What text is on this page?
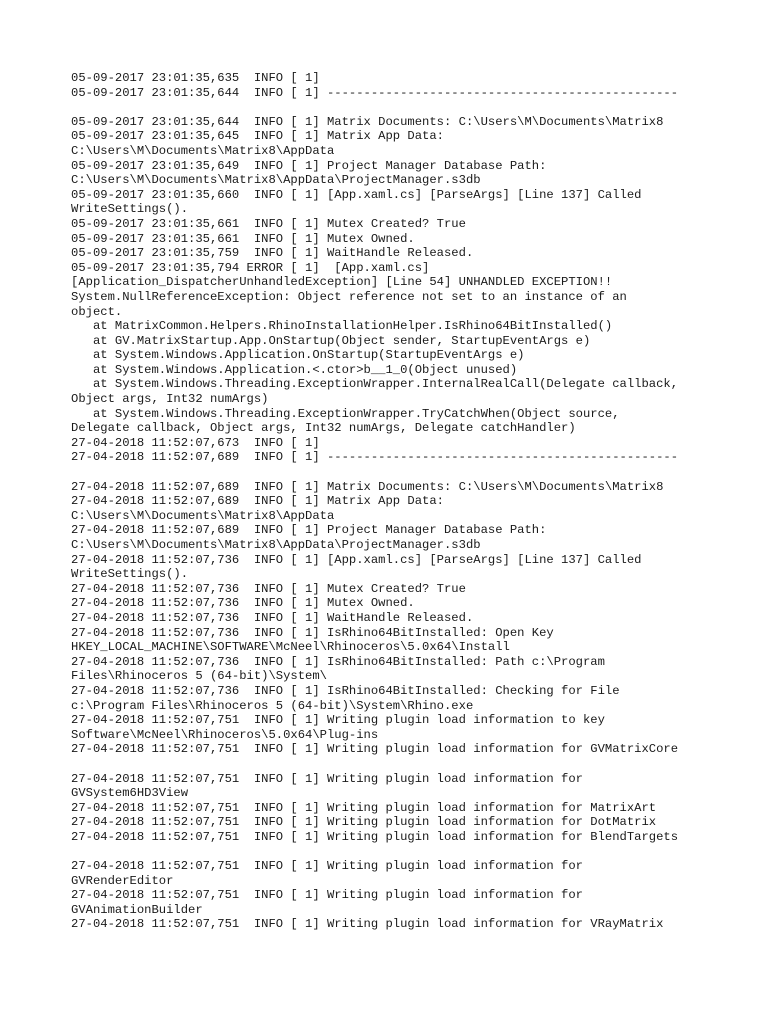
05-09-2017 23:01:35,635  INFO [ 1]
05-09-2017 23:01:35,644  INFO [ 1] ------------------------------------------------
05-09-2017 23:01:35,644  INFO [ 1] Matrix Documents: C:\Users\M\Documents\Matrix8
05-09-2017 23:01:35,645  INFO [ 1] Matrix App Data:
C:\Users\M\Documents\Matrix8\AppData
05-09-2017 23:01:35,649  INFO [ 1] Project Manager Database Path:
C:\Users\M\Documents\Matrix8\AppData\ProjectManager.s3db
05-09-2017 23:01:35,660  INFO [ 1] [App.xaml.cs] [ParseArgs] [Line 137] Called
WriteSettings().
05-09-2017 23:01:35,661  INFO [ 1] Mutex Created? True
05-09-2017 23:01:35,661  INFO [ 1] Mutex Owned.
05-09-2017 23:01:35,759  INFO [ 1] WaitHandle Released.
05-09-2017 23:01:35,794 ERROR [ 1]  [App.xaml.cs]
[Application_DispatcherUnhandledException] [Line 54] UNHANDLED EXCEPTION!!
System.NullReferenceException: Object reference not set to an instance of an
object.
at MatrixCommon.Helpers.RhinoInstallationHelper.IsRhino64BitInstalled()
at GV.MatrixStartup.App.OnStartup(Object sender, StartupEventArgs e)
at System.Windows.Application.OnStartup(StartupEventArgs e)
at System.Windows.Application.<.ctor>b__1_0(Object unused)
at System.Windows.Threading.ExceptionWrapper.InternalRealCall(Delegate callback,
Object args, Int32 numArgs)
at System.Windows.Threading.ExceptionWrapper.TryCatchWhen(Object source,
Delegate callback, Object args, Int32 numArgs, Delegate catchHandler)
27-04-2018 11:52:07,673  INFO [ 1]
27-04-2018 11:52:07,689  INFO [ 1] ------------------------------------------------
27-04-2018 11:52:07,689  INFO [ 1] Matrix Documents: C:\Users\M\Documents\Matrix8
27-04-2018 11:52:07,689  INFO [ 1] Matrix App Data:
C:\Users\M\Documents\Matrix8\AppData
27-04-2018 11:52:07,689  INFO [ 1] Project Manager Database Path:
C:\Users\M\Documents\Matrix8\AppData\ProjectManager.s3db
27-04-2018 11:52:07,736  INFO [ 1] [App.xaml.cs] [ParseArgs] [Line 137] Called
WriteSettings().
27-04-2018 11:52:07,736  INFO [ 1] Mutex Created? True
27-04-2018 11:52:07,736  INFO [ 1] Mutex Owned.
27-04-2018 11:52:07,736  INFO [ 1] WaitHandle Released.
27-04-2018 11:52:07,736  INFO [ 1] IsRhino64BitInstalled: Open Key
HKEY_LOCAL_MACHINE\SOFTWARE\McNeel\Rhinoceros\5.0x64\Install
27-04-2018 11:52:07,736  INFO [ 1] IsRhino64BitInstalled: Path c:\Program
Files\Rhinoceros 5 (64-bit)\System\
27-04-2018 11:52:07,736  INFO [ 1] IsRhino64BitInstalled: Checking for File
c:\Program Files\Rhinoceros 5 (64-bit)\System\Rhino.exe
27-04-2018 11:52:07,751  INFO [ 1] Writing plugin load information to key
Software\McNeel\Rhinoceros\5.0x64\Plug-ins
27-04-2018 11:52:07,751  INFO [ 1] Writing plugin load information for GVMatrixCore
27-04-2018 11:52:07,751  INFO [ 1] Writing plugin load information for
GVSystem6HD3View
27-04-2018 11:52:07,751  INFO [ 1] Writing plugin load information for MatrixArt
27-04-2018 11:52:07,751  INFO [ 1] Writing plugin load information for DotMatrix
27-04-2018 11:52:07,751  INFO [ 1] Writing plugin load information for BlendTargets
27-04-2018 11:52:07,751  INFO [ 1] Writing plugin load information for
GVRenderEditor
27-04-2018 11:52:07,751  INFO [ 1] Writing plugin load information for
GVAnimationBuilder
27-04-2018 11:52:07,751  INFO [ 1] Writing plugin load information for VRayMatrix
